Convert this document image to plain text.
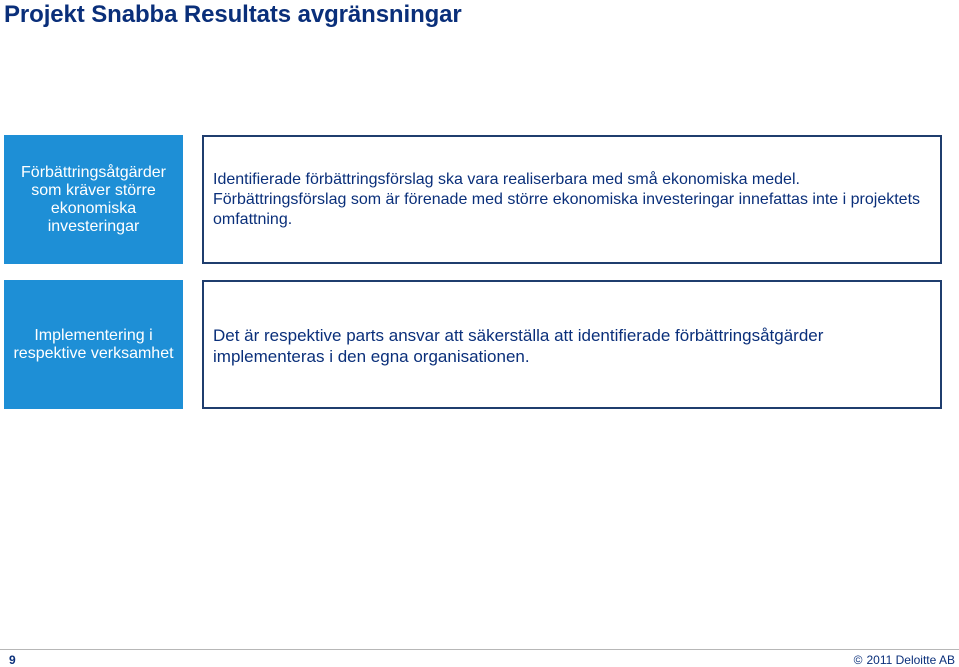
Projekt Snabba Resultats avgränsningar
Förbättringsåtgärder som kräver större ekonomiska investeringar

Identifierade förbättringsförslag ska vara realiserbara med små ekonomiska medel.

Förbättringsförslag som är förenade med större ekonomiska investeringar innefattas inte i projektets omfattning.

Implementering i respektive verksamhet

Det är respektive parts ansvar att säkerställa att identifierade förbättringsåtgärder implementeras i den egna organisationen.

9	© 2011 Deloitte AB
